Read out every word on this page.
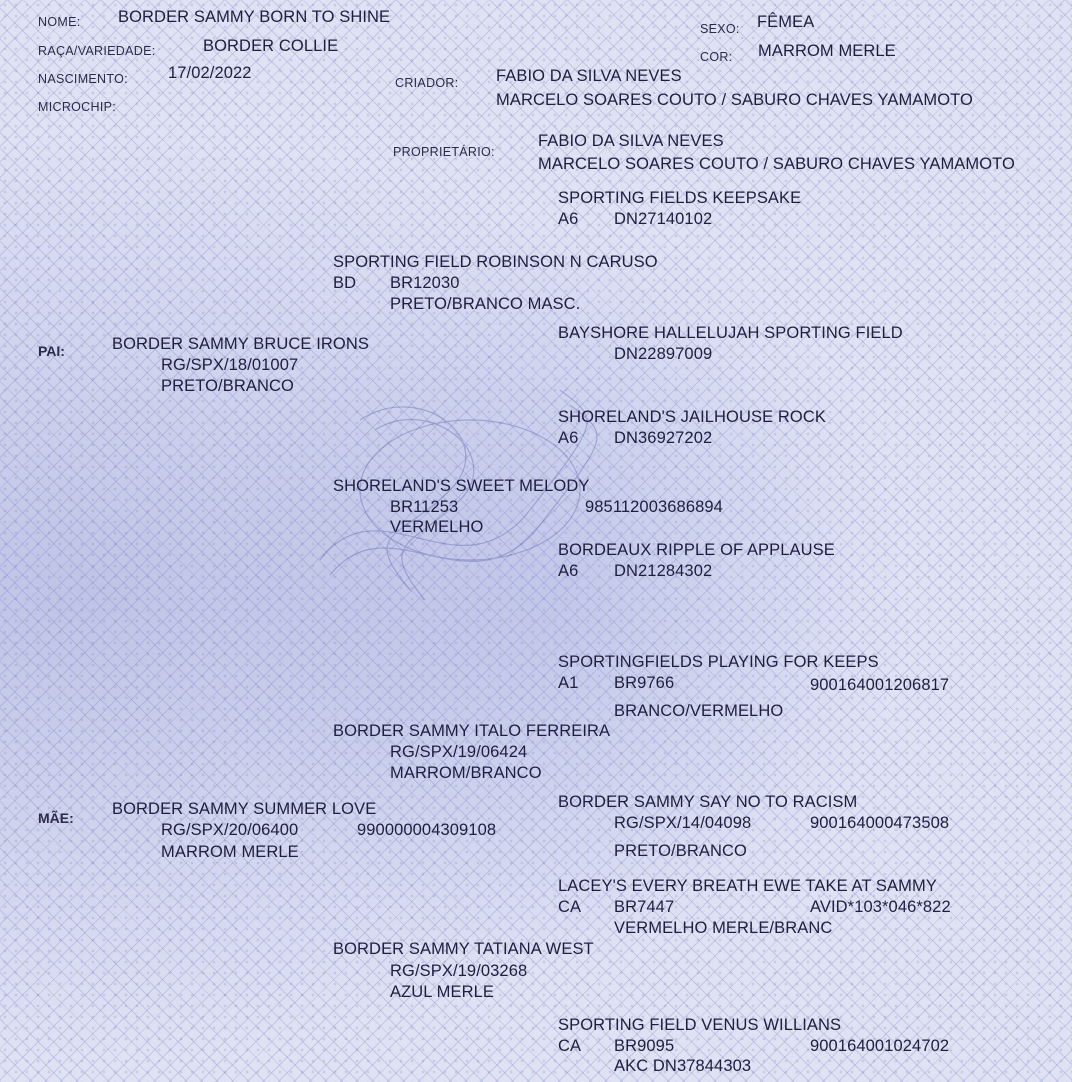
NOME: BORDER SAMMY BORN TO SHINE
SEXO: FÊMEA
RAÇA/VARIEDADE:	BORDER COLLIE
COR: MARROM MERLE
NASCIMENTO: 17/02/2022
CRIADOR: FABIO DA SILVA NEVES
MARCELO SOARES COUTO / SABURO CHAVES YAMAMOTO
MICROCHIP:
PROPRIETÁRIO:
FABIO DA SILVA NEVES
MARCELO SOARES COUTO / SABURO CHAVES YAMAMOTO
SPORTING FIELDS KEEPSAKE
A6 DN27140102
SPORTING FIELD ROBINSON N CARUSO
BD BR12030
PRETO/BRANCO MASC.
BAYSHORE HALLELUJAH SPORTING FIELD
DN22897009
PAI:	BORDER SAMMY BRUCE IRONS
RG/SPX/18/01007
PRETO/BRANCO
SHORELAND'S JAILHOUSE ROCK
A6 DN36927202
SHORELAND'S SWEET MELODY
BR11253	985112003686894
VERMELHO
BORDEAUX RIPPLE OF APPLAUSE
A6 DN21284302
SPORTINGFIELDS PLAYING FOR KEEPS
A1 BR9766	900164001206817
BRANCO/VERMELHO
BORDER SAMMY ITALO FERREIRA
RG/SPX/19/06424
MARROM/BRANCO
BORDER SAMMY SAY NO TO RACISM
RG/SPX/14/04098	900164000473508
PRETO/BRANCO
MÃE: BORDER SAMMY SUMMER LOVE
RG/SPX/20/06400	990000004309108
MARROM MERLE
LACEY'S EVERY BREATH EWE TAKE AT SAMMY
CA BR7447	AVID*103*046*822
VERMELHO MERLE/BRANC
BORDER SAMMY TATIANA WEST
RG/SPX/19/03268
AZUL MERLE
SPORTING FIELD VENUS WILLIANS
CA BR9095	900164001024702
AKC DN37844303
